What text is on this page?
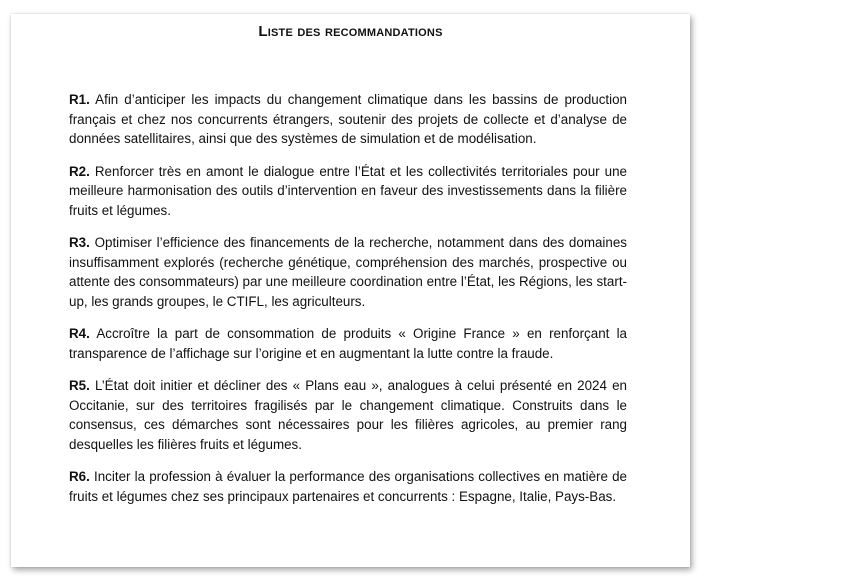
Liste des recommandations

R1. Afin d’anticiper les impacts du changement climatique dans les bassins de production français et chez nos concurrents étrangers, soutenir des projets de collecte et d’analyse de données satellitaires, ainsi que des systèmes de simulation et de modélisation.

R2. Renforcer très en amont le dialogue entre l’État et les collectivités territoriales pour une meilleure harmonisation des outils d’intervention en faveur des investissements dans la filière fruits et légumes.

R3. Optimiser l’efficience des financements de la recherche, notamment dans des domaines insuffisamment explorés (recherche génétique, compréhension des marchés, prospective ou attente des consommateurs) par une meilleure coordination entre l’État, les Régions, les start-up, les grands groupes, le CTIFL, les agriculteurs.

R4. Accroître la part de consommation de produits « Origine France » en renforçant la transparence de l’affichage sur l’origine et en augmentant la lutte contre la fraude.

R5. L’État doit initier et décliner des « Plans eau », analogues à celui présenté en 2024 en Occitanie, sur des territoires fragilisés par le changement climatique. Construits dans le consensus, ces démarches sont nécessaires pour les filières agricoles, au premier rang desquelles les filières fruits et légumes.

R6. Inciter la profession à évaluer la performance des organisations collectives en matière de fruits et légumes chez ses principaux partenaires et concurrents : Espagne, Italie, Pays-Bas.
